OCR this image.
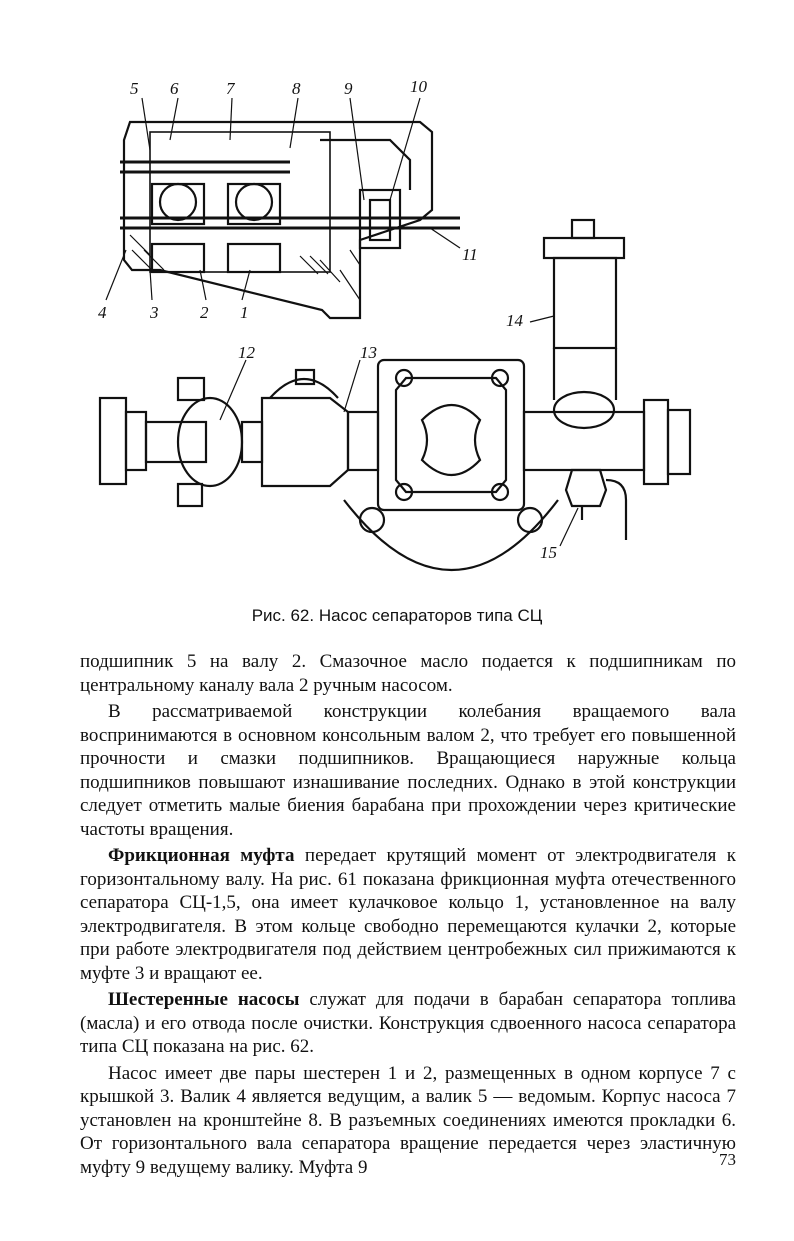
5 6	7	8	9	10
11
4	3 2 1
12	13
14
15
Рис. 62. Насос сепараторов типа СЦ

подшипник 5 на валу 2. Смазочное масло подается к подшипникам по центральному каналу вала 2 ручным насосом.

В рассматриваемой конструкции колебания вращаемого вала воспринимаются в основном консольным валом 2, что требует его повышенной прочности и смазки подшипников. Вращающиеся наружные кольца подшипников повышают изнашивание последних. Однако в этой конструкции следует отметить малые биения барабана при прохождении через критические частоты вращения.

Фрикционная муфта передает крутящий момент от электродвигателя к горизонтальному валу. На рис. 61 показана фрикционная муфта отечественного сепаратора СЦ-1,5, она имеет кулачковое кольцо 1, установленное на валу электродвигателя. В этом кольце свободно перемещаются кулачки 2, которые при работе электродвигателя под действием центробежных сил прижимаются к муфте 3 и вращают ее.

Шестеренные насосы служат для подачи в барабан сепаратора топлива (масла) и его отвода после очистки. Конструкция сдвоенного насоса сепаратора типа СЦ показана на рис. 62.

Насос имеет две пары шестерен 1 и 2, размещенных в одном корпусе 7 с крышкой 3. Валик 4 является ведущим, а валик 5 — ведомым. Корпус насоса 7 установлен на кронштейне 8. В разъемных соединениях имеются прокладки 6. От горизонтального вала сепаратора вращение передается через эластичную муфту 9 ведущему валику. Муфта 9	73
